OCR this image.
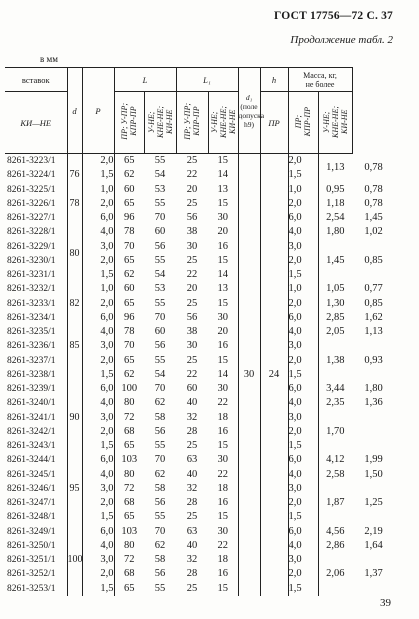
ГОСТ 17756—72 С. 37
Продолжение табл. 2
в мм
вставок	d	P	L		L₁		d₁
(поле
допуска
h9)	h	Масса, кг,
не более		
КИ—НЕ			ПР; У-ПР;
КПР-ПР	У-НЕ;
КНЕ-НЕ;
КИ-НЕ	ПР; У-ПР;
КПР-ПР	У-НЕ;
КНЕ-НЕ;
КИ-НЕ		ПР	ПР;
КПР-ПР	У-НЕ;
КНЕ-НЕ;
КИ-НЕ	
8261-3223/1	76	2,0	65	55	25	15	30	24	2,0	1,13	0,78
8261-3224/1		1,5	62	54	22	14			1,5		
8261-3225/1		1,0	60	53	20	13			1,0	0,95	0,78
8261-3226/1	78	2,0	65	55	25	15			2,0	1,18	0,78
8261-3227/1	80	6,0	96	70	56	30			6,0	2,54	1,45
8261-3228/1		4,0	78	60	38	20			4,0	1,80	1,02
8261-3229/1		3,0	70	56	30	16			3,0	1,45	0,85
8261-3230/1		2,0	65	55	25	15			2,0		
8261-3231/1		1,5	62	54	22	14			1,5		
8261-3232/1		1,0	60	53	20	13			1,0	1,05	0,77
8261-3233/1	82	2,0	65	55	25	15			2,0	1,30	0,85
8261-3234/1	85	6,0	96	70	56	30			6,0	2,85	1,62
8261-3235/1		4,0	78	60	38	20			4,0	2,05	1,13
8261-3236/1		3,0	70	56	30	16			3,0	1,38	0,93
8261-3237/1		2,0	65	55	25	15			2,0		
8261-3238/1		1,5	62	54	22	14			1,5		
8261-3239/1	90	6,0	100	70	60	30			6,0	3,44	1,80
8261-3240/1		4,0	80	62	40	22			4,0	2,35	1,36
8261-3241/1		3,0	72	58	32	18			3,0	1,70	
8261-3242/1		2,0	68	56	28	16			2,0		
8261-3243/1		1,5	65	55	25	15			1,5		
8261-3244/1	95	6,0	103	70	63	30			6,0	4,12	1,99
8261-3245/1		4,0	80	62	40	22			4,0	2,58	1,50
8261-3246/1		3,0	72	58	32	18			3,0	1,87	1,25
8261-3247/1		2,0	68	56	28	16			2,0		
8261-3248/1		1,5	65	55	25	15			1,5		
8261-3249/1	100	6,0	103	70	63	30			6,0	4,56	2,19
8261-3250/1		4,0	80	62	40	22			4,0	2,86	1,64
8261-3251/1		3,0	72	58	32	18			3,0	2,06	1,37
8261-3252/1		2,0	68	56	28	16			2,0		
8261-3253/1		1,5	65	55	25	15			1,5		
39
